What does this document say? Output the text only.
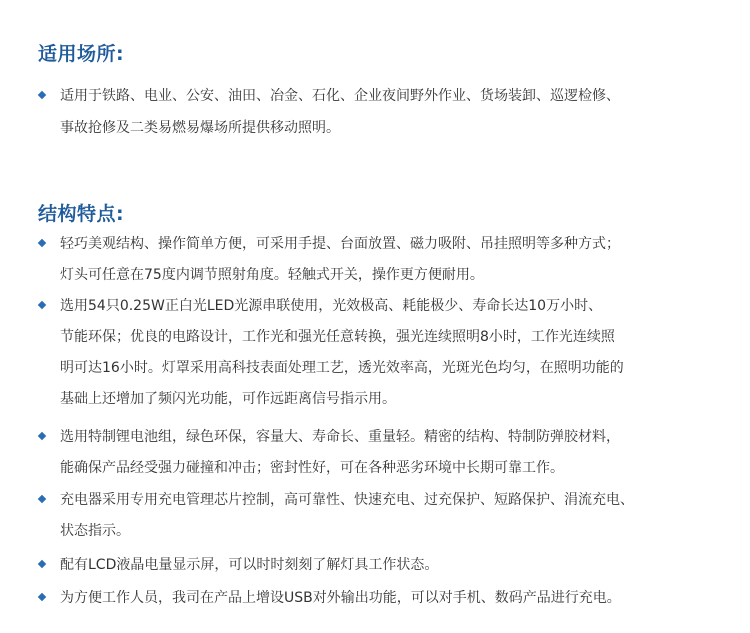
适用场所:

适用于铁路、电业、公安、油田、冶金、石化、企业夜间野外作业、货场装卸、巡逻检修、

事故抢修及二类易燃易爆场所提供移动照明。

结构特点:

轻巧美观结构、操作简单方便，可采用手提、台面放置、磁力吸附、吊挂照明等多种方式；

灯头可任意在75度内调节照射角度。轻触式开关，操作更方便耐用。

选用54只0.25W正白光LED光源串联使用，光效极高、耗能极少、寿命长达10万小时、

节能环保；优良的电路设计，工作光和强光任意转换，强光连续照明8小时，工作光连续照

明可达16小时。灯罩采用高科技表面处理工艺，透光效率高，光斑光色均匀，在照明功能的

基础上还增加了频闪光功能，可作远距离信号指示用。

选用特制锂电池组，绿色环保，容量大、寿命长、重量轻。精密的结构、特制防弹胶材料，

能确保产品经受强力碰撞和冲击；密封性好，可在各种恶劣环境中长期可靠工作。

充电器采用专用充电管理芯片控制，高可靠性、快速充电、过充保护、短路保护、涓流充电、

状态指示。

配有LCD液晶电量显示屏，可以时时刻刻了解灯具工作状态。

为方便工作人员，我司在产品上增设USB对外输出功能，可以对手机、数码产品进行充电。
